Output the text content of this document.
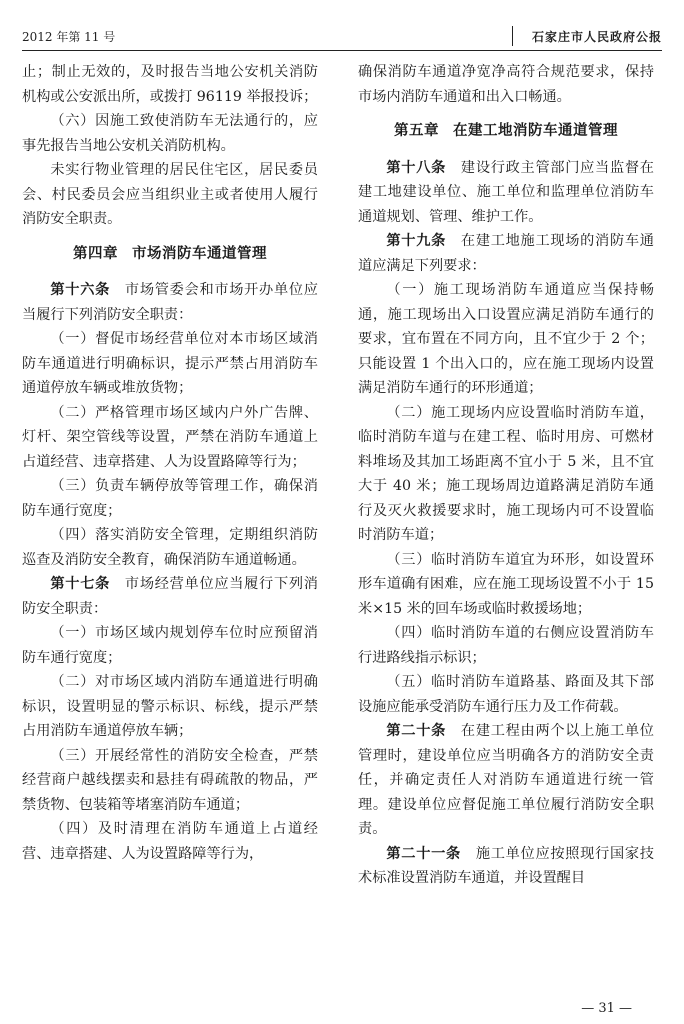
2012 年第 11 号	石家庄市人民政府公报

止；制止无效的，及时报告当地公安机关消防机构或公安派出所，或拨打 96119 举报投诉；

（六）因施工致使消防车无法通行的，应事先报告当地公安机关消防机构。

未实行物业管理的居民住宅区，居民委员会、村民委员会应当组织业主或者使用人履行消防安全职责。

第四章 市场消防车通道管理

第十六条　 市场管委会和市场开办单位应当履行下列消防安全职责：

（一）督促市场经营单位对本市场区域消防车通道进行明确标识，提示严禁占用消防车通道停放车辆或堆放货物；

（二）严格管理市场区域内户外广告牌、灯杆、架空管线等设置，严禁在消防车通道上占道经营、违章搭建、人为设置路障等行为；

（三）负责车辆停放等管理工作，确保消防车通行宽度；

（四）落实消防安全管理，定期组织消防巡查及消防安全教育，确保消防车通道畅通。

第十七条　 市场经营单位应当履行下列消防安全职责：

（一）市场区域内规划停车位时应预留消防车通行宽度；

（二）对市场区域内消防车通道进行明确标识，设置明显的警示标识、标线，提示严禁占用消防车通道停放车辆；

（三）开展经常性的消防安全检查，严禁经营商户越线摆卖和悬挂有碍疏散的物品，严禁货物、包装箱等堵塞消防车通道；

（四）及时清理在消防车通道上占道经营、违章搭建、人为设置路障等行为，

确保消防车通道净宽净高符合规范要求，保持市场内消防车通道和出入口畅通。

第五章 在建工地消防车通道管理

第十八条　 建设行政主管部门应当监督在建工地建设单位、施工单位和监理单位消防车通道规划、管理、维护工作。

第十九条　 在建工地施工现场的消防车通道应满足下列要求：

（一）施工现场消防车通道应当保持畅通，施工现场出入口设置应满足消防车通行的要求，宜布置在不同方向，且不宜少于 2 个；只能设置 1 个出入口的，应在施工现场内设置满足消防车通行的环形通道；

（二）施工现场内应设置临时消防车道，临时消防车道与在建工程、临时用房、可燃材料堆场及其加工场距离不宜小于 5 米，且不宜大于 40 米；施工现场周边道路满足消防车通行及灭火救援要求时，施工现场内可不设置临时消防车道；

（三）临时消防车道宜为环形，如设置环形车道确有困难，应在施工现场设置不小于 15 米×15 米的回车场或临时救援场地；

（四）临时消防车道的右侧应设置消防车行进路线指示标识；

（五）临时消防车道路基、路面及其下部设施应能承受消防车通行压力及工作荷载。

第二十条　 在建工程由两个以上施工单位管理时，建设单位应当明确各方的消防安全责任，并确定责任人对消防车通道进行统一管理。建设单位应督促施工单位履行消防安全职责。

第二十一条　 施工单位应按照现行国家技术标准设置消防车通道，并设置醒目

— 31 —
